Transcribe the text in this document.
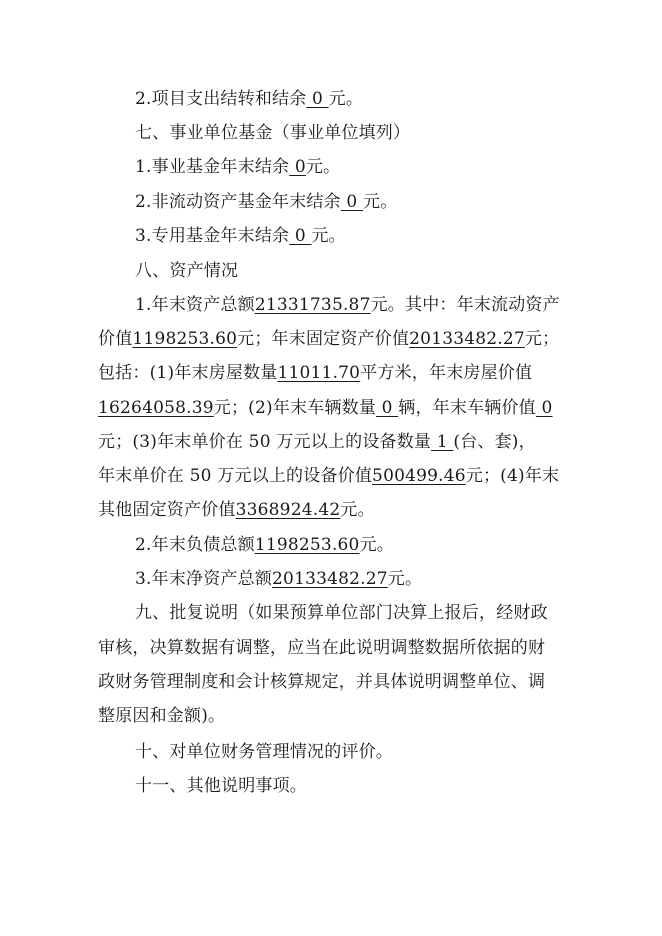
2.项目支出结转和结余 0 元。
七、事业单位基金（事业单位填列）
1.事业基金年末结余 0元。
2.非流动资产基金年末结余 0 元。
3.专用基金年末结余 0 元。
八、资产情况
1.年末资产总额21331735.87元。其中：年末流动资产
价值1198253.60元；年末固定资产价值20133482.27元；
包括：(1)年末房屋数量11011.70平方米，年末房屋价值
16264058.39元；(2)年末车辆数量 0 辆，年末车辆价值 0
元；(3)年末单价在 50 万元以上的设备数量 1 (台、套)，
年末单价在 50 万元以上的设备价值500499.46元；(4)年末
其他固定资产价值3368924.42元。
2.年末负债总额1198253.60元。
3.年末净资产总额20133482.27元。
九、批复说明（如果预算单位部门决算上报后，经财政
审核，决算数据有调整，应当在此说明调整数据所依据的财
政财务管理制度和会计核算规定，并具体说明调整单位、调
整原因和金额)。
十、对单位财务管理情况的评价。
十一、其他说明事项。
